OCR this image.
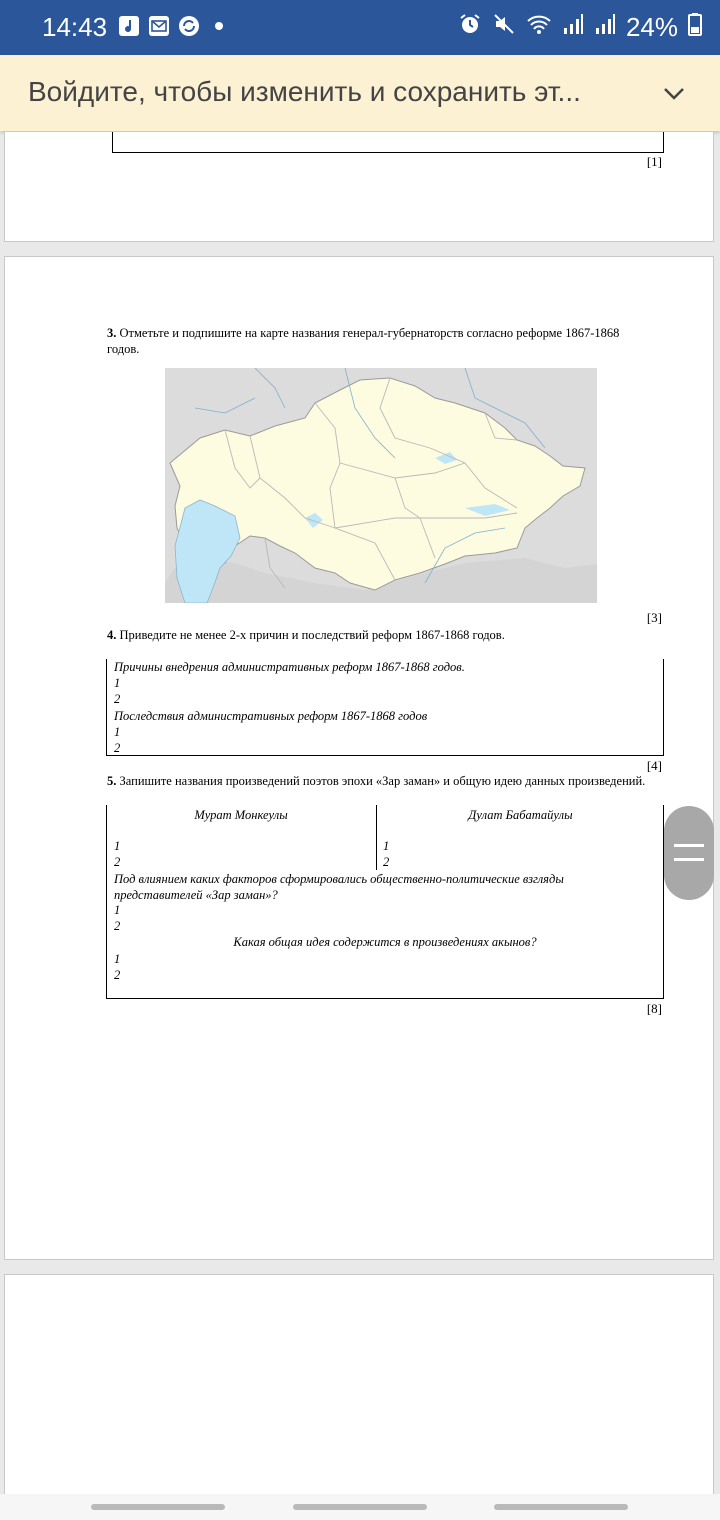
14:43	24%
Войдите, чтобы изменить и сохранить эт...
[1]
3. Отметьте и подпишите на карте названия генерал-губернаторств согласно реформе 1867-1868 годов.
[3]
4. Приведите не менее 2-х причин и последствий реформ 1867-1868 годов.
Причины внедрения административных реформ 1867-1868 годов.
1
2
Последствия административных реформ 1867-1868 годов
1
2
[4]
5. Запишите названия произведений поэтов эпохи «Зар заман» и общую идею данных произведений.
Мурат Монкеулы	Дулат Бабатайулы
1
2
1
2
Под влиянием каких факторов сформировались общественно-политические взгляды представителей «Зар заман»?
1
2
Какая общая идея содержится в произведениях акынов?
1
2
[8]
